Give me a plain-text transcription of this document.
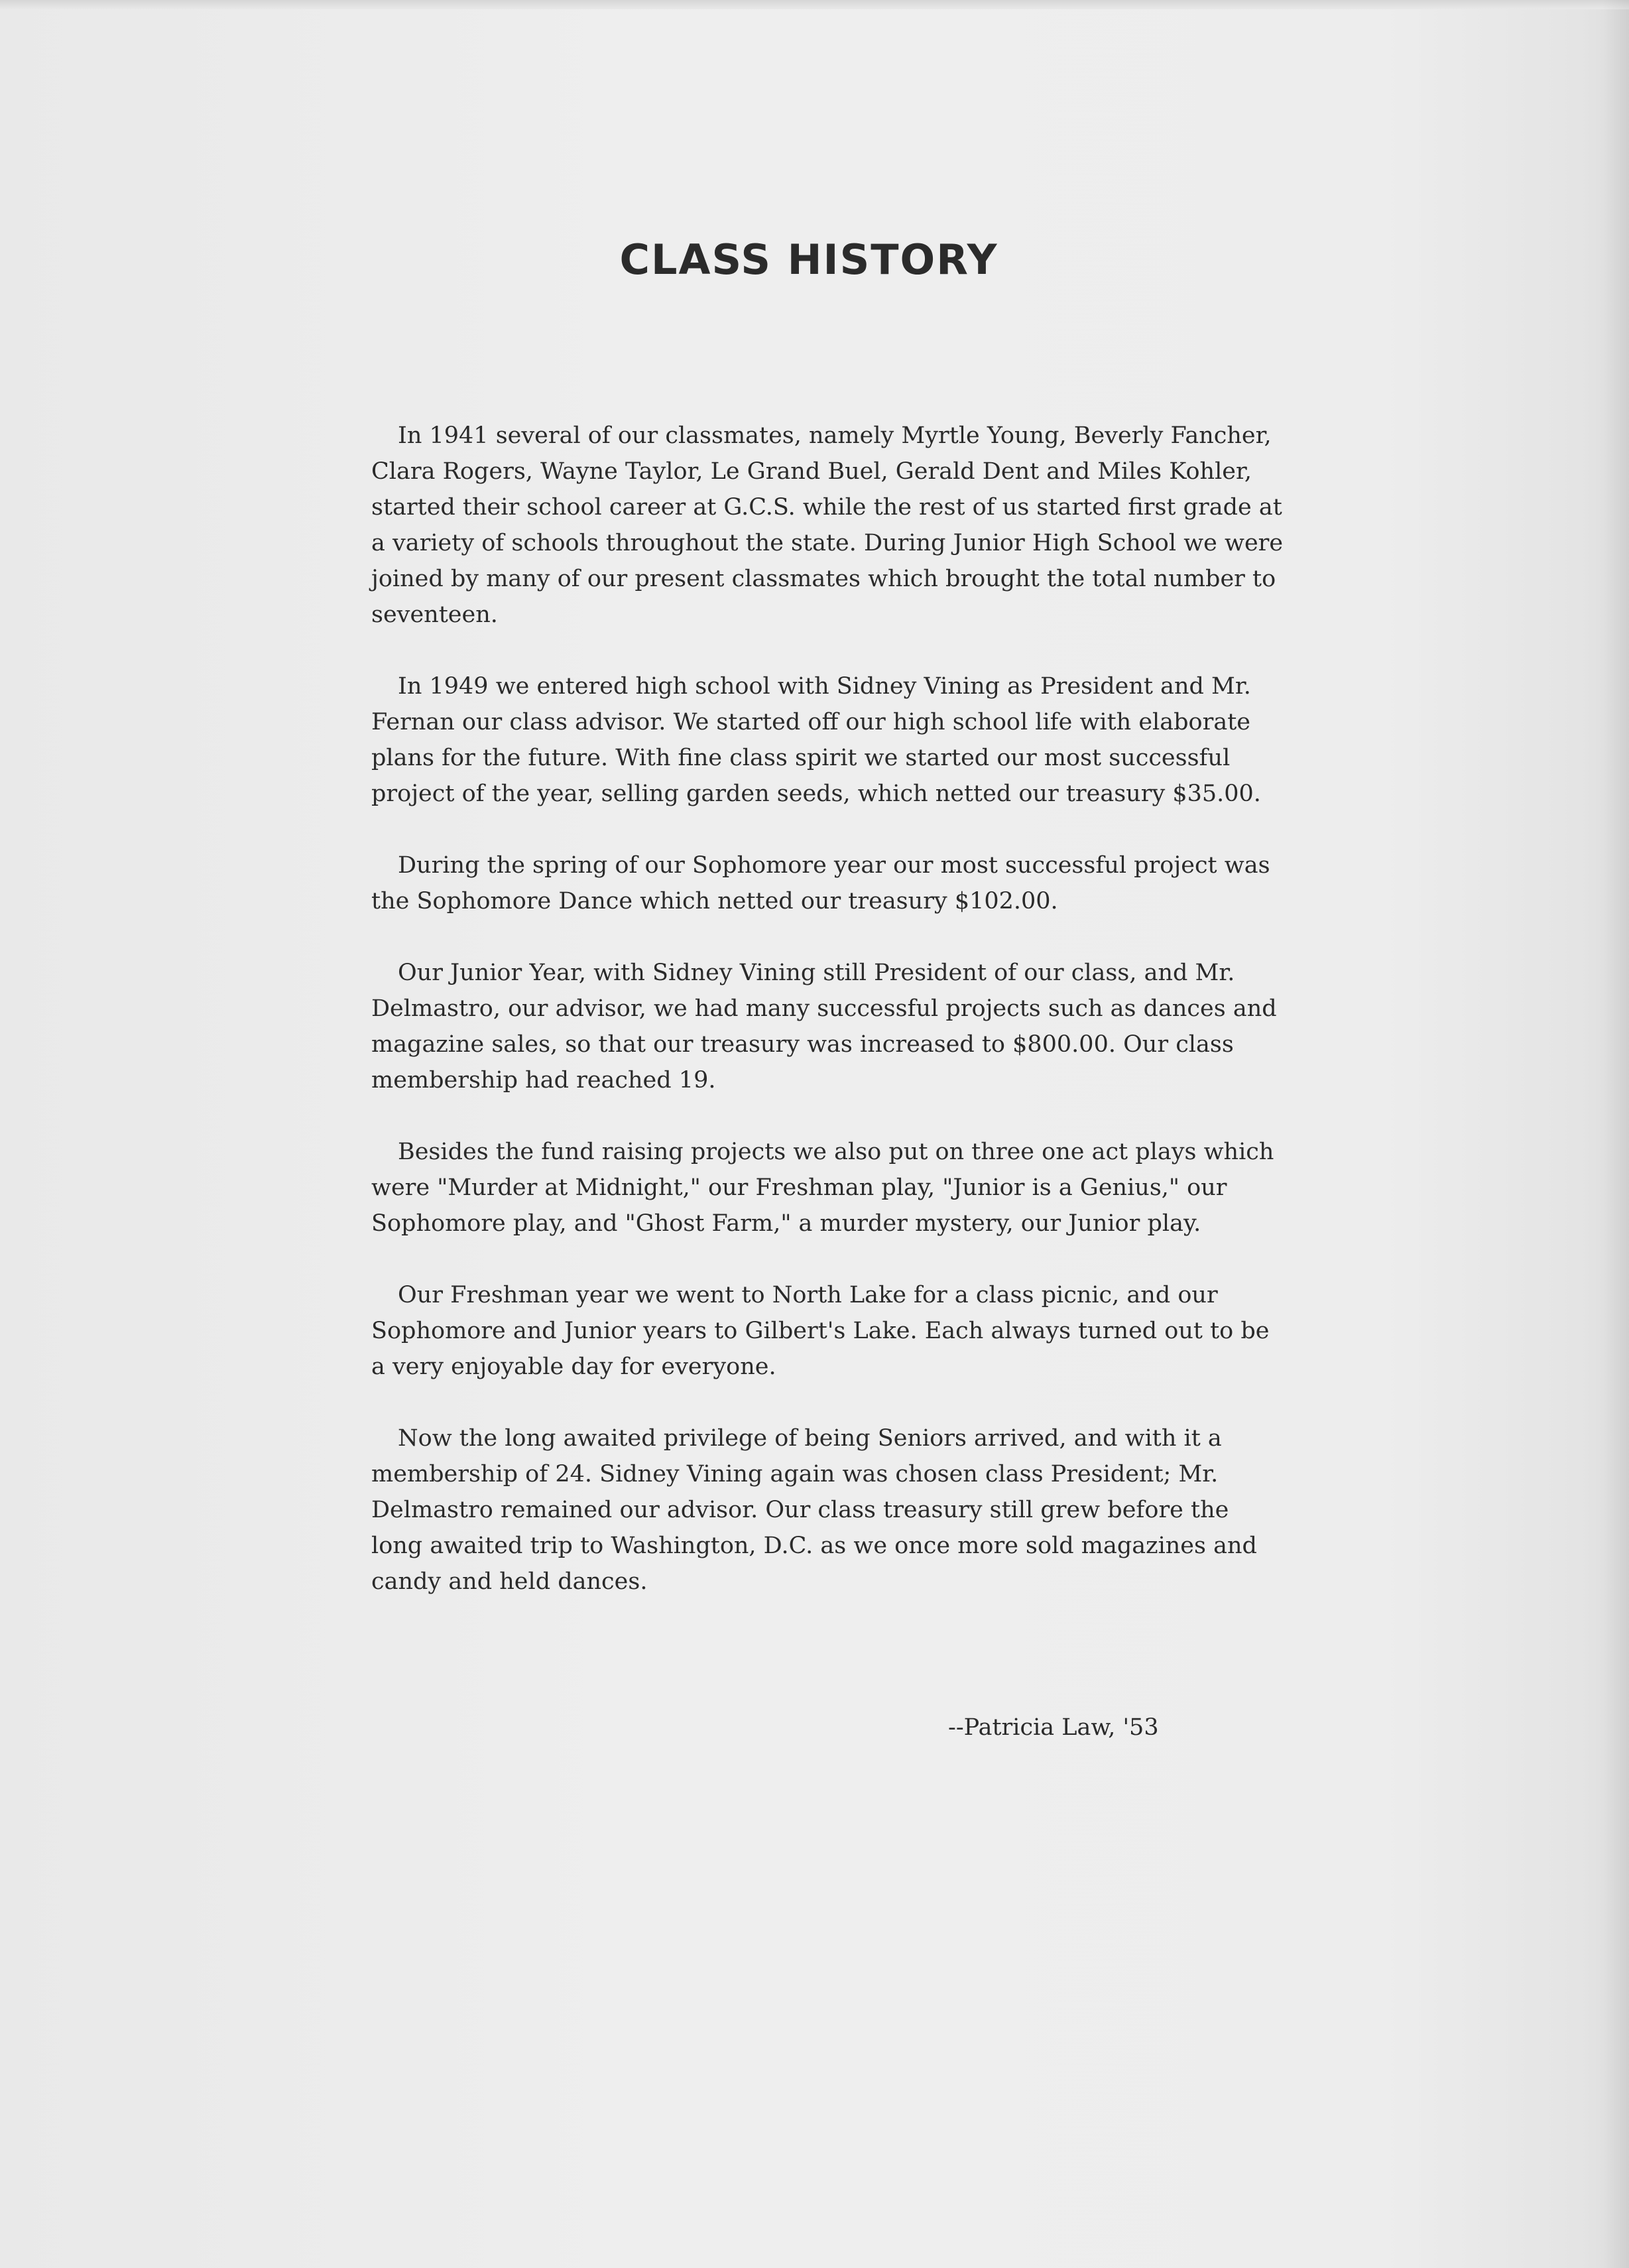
CLASS HISTORY

In 1941 several of our classmates, namely Myrtle Young, Beverly Fancher, Clara Rogers, Wayne Taylor, Le Grand Buel, Gerald Dent and Miles Kohler, started their school career at G.C.S. while the rest of us started first grade at a variety of schools throughout the state. During Junior High School we were joined by many of our present classmates which brought the total number to seventeen.

In 1949 we entered high school with Sidney Vining as President and Mr. Fernan our class advisor. We started off our high school life with elaborate plans for the future. With fine class spirit we started our most successful project of the year, selling garden seeds, which netted our treasury $35.00.

During the spring of our Sophomore year our most successful project was the Sophomore Dance which netted our treasury $102.00.

Our Junior Year, with Sidney Vining still President of our class, and Mr. Delmastro, our advisor, we had many successful projects such as dances and magazine sales, so that our treasury was increased to $800.00. Our class membership had reached 19.

Besides the fund raising projects we also put on three one act plays which were "Murder at Midnight," our Freshman play, "Junior is a Genius," our Sophomore play, and "Ghost Farm," a murder mystery, our Junior play.

Our Freshman year we went to North Lake for a class picnic, and our Sophomore and Junior years to Gilbert's Lake. Each always turned out to be a very enjoyable day for everyone.

Now the long awaited privilege of being Seniors arrived, and with it a membership of 24. Sidney Vining again was chosen class President; Mr. Delmastro remained our advisor. Our class treasury still grew before the long awaited trip to Washington, D.C. as we once more sold magazines and candy and held dances.

--Patricia Law, '53
